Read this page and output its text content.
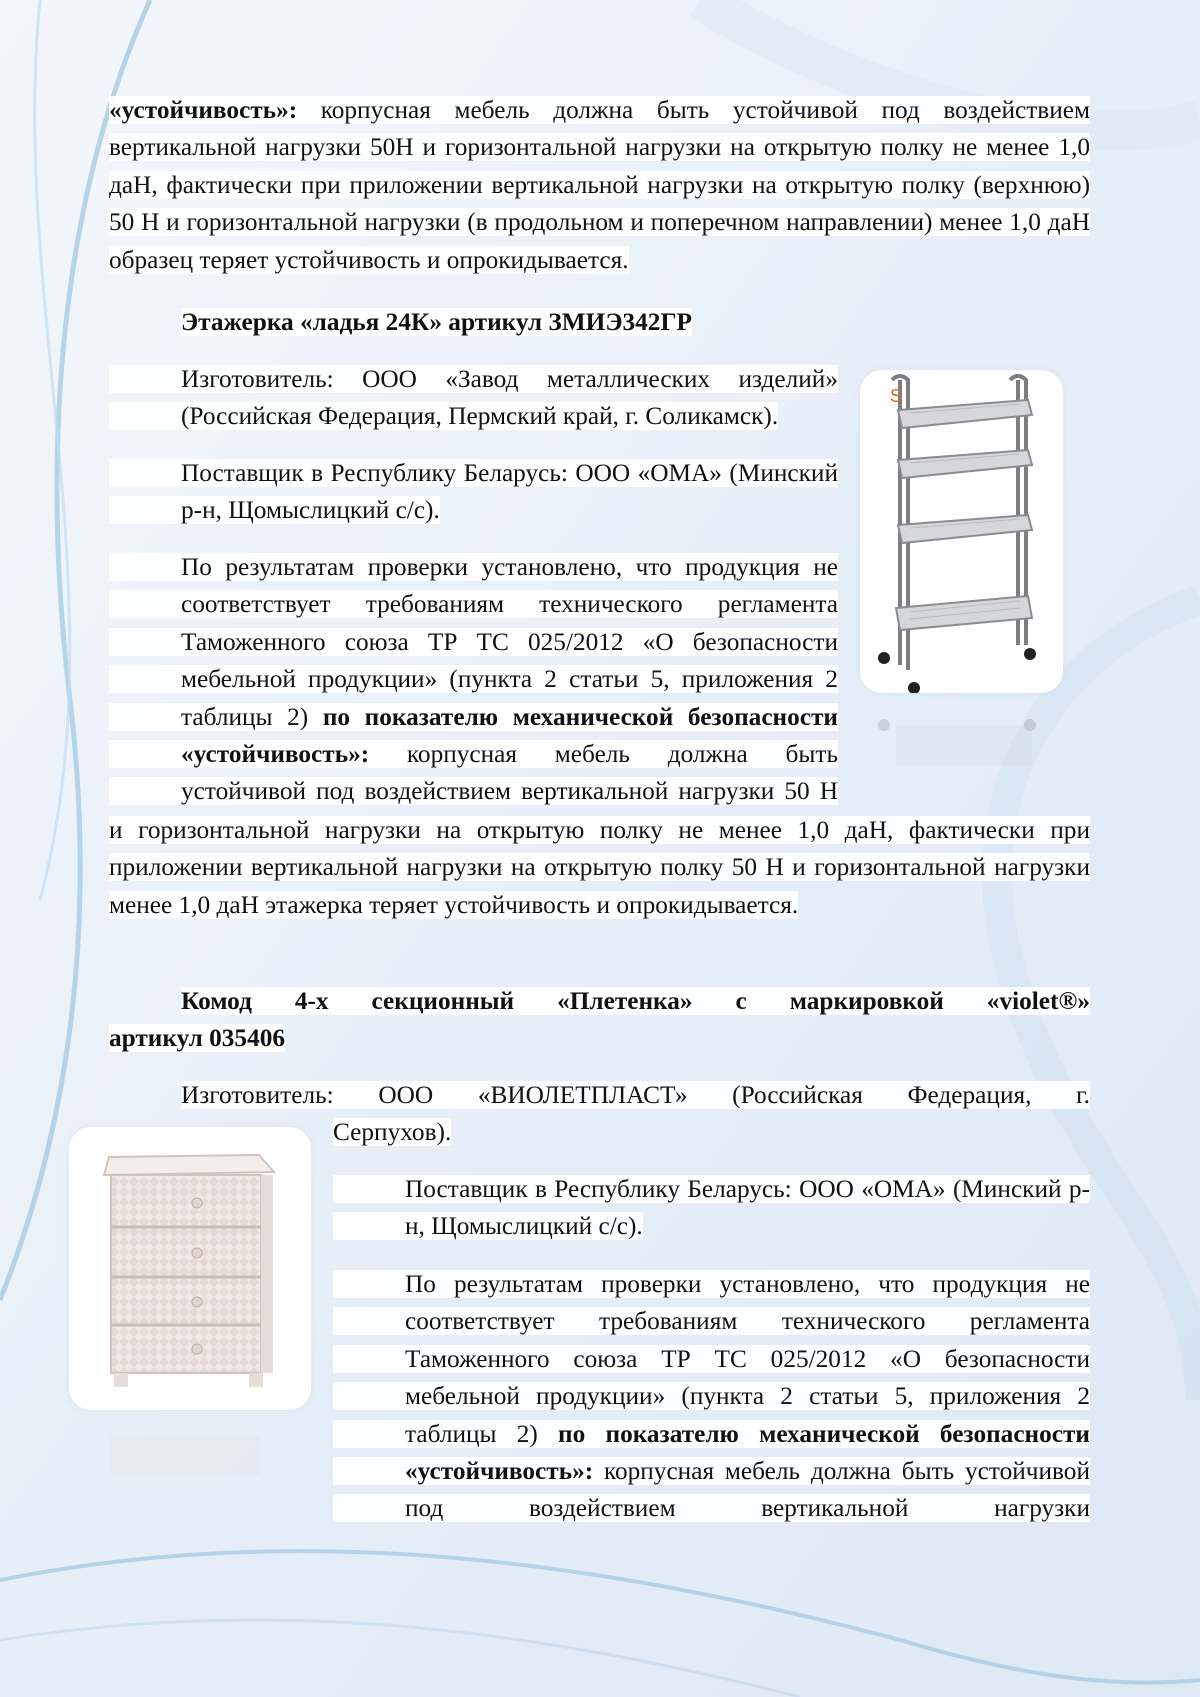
«устойчивость»: корпусная мебель должна быть устойчивой под воздействием вертикальной нагрузки 50Н и горизонтальной нагрузки на открытую полку не менее 1,0 даН, фактически при приложении вертикальной нагрузки на открытую полку (верхнюю) 50 Н и горизонтальной нагрузки (в продольном и поперечном направлении) менее 1,0 даН образец теряет устойчивость и опрокидывается.

Этажерка «ладья 24К» артикул ЗМИЭ342ГР

Изготовитель: ООО «Завод металлических изделий» (Российская Федерация, Пермский край, г. Соликамск).

Поставщик в Республику Беларусь: ООО «ОМА» (Минский р-н, Щомыслицкий с/с).

По результатам проверки установлено, что продукция не соответствует требованиям технического регламента Таможенного союза ТР ТС 025/2012 «О безопасности мебельной продукции» (пункта 2 статьи 5, приложения 2 таблицы 2) по показателю механической безопасности «устойчивость»: корпусная мебель должна быть устойчивой под воздействием вертикальной нагрузки 50 Н

и горизонтальной нагрузки на открытую полку не менее 1,0 даН, фактически при приложении вертикальной нагрузки на открытую полку 50 Н и горизонтальной нагрузки менее 1,0 даН этажерка теряет устойчивость и опрокидывается.

S

Комод 4-х секционный «Плетенка» с маркировкой «violet®»

артикул 035406

Изготовитель: ООО «ВИОЛЕТПЛАСТ» (Российская Федерация, г.

Серпухов).

Поставщик в Республику Беларусь: ООО «ОМА» (Минский р-н, Щомыслицкий с/с).

По результатам проверки установлено, что продукция не соответствует требованиям технического регламента Таможенного союза ТР ТС 025/2012 «О безопасности мебельной продукции» (пункта 2 статьи 5, приложения 2 таблицы 2) по показателю механической безопасности «устойчивость»: корпусная мебель должна быть устойчивой под воздействием вертикальной нагрузки
